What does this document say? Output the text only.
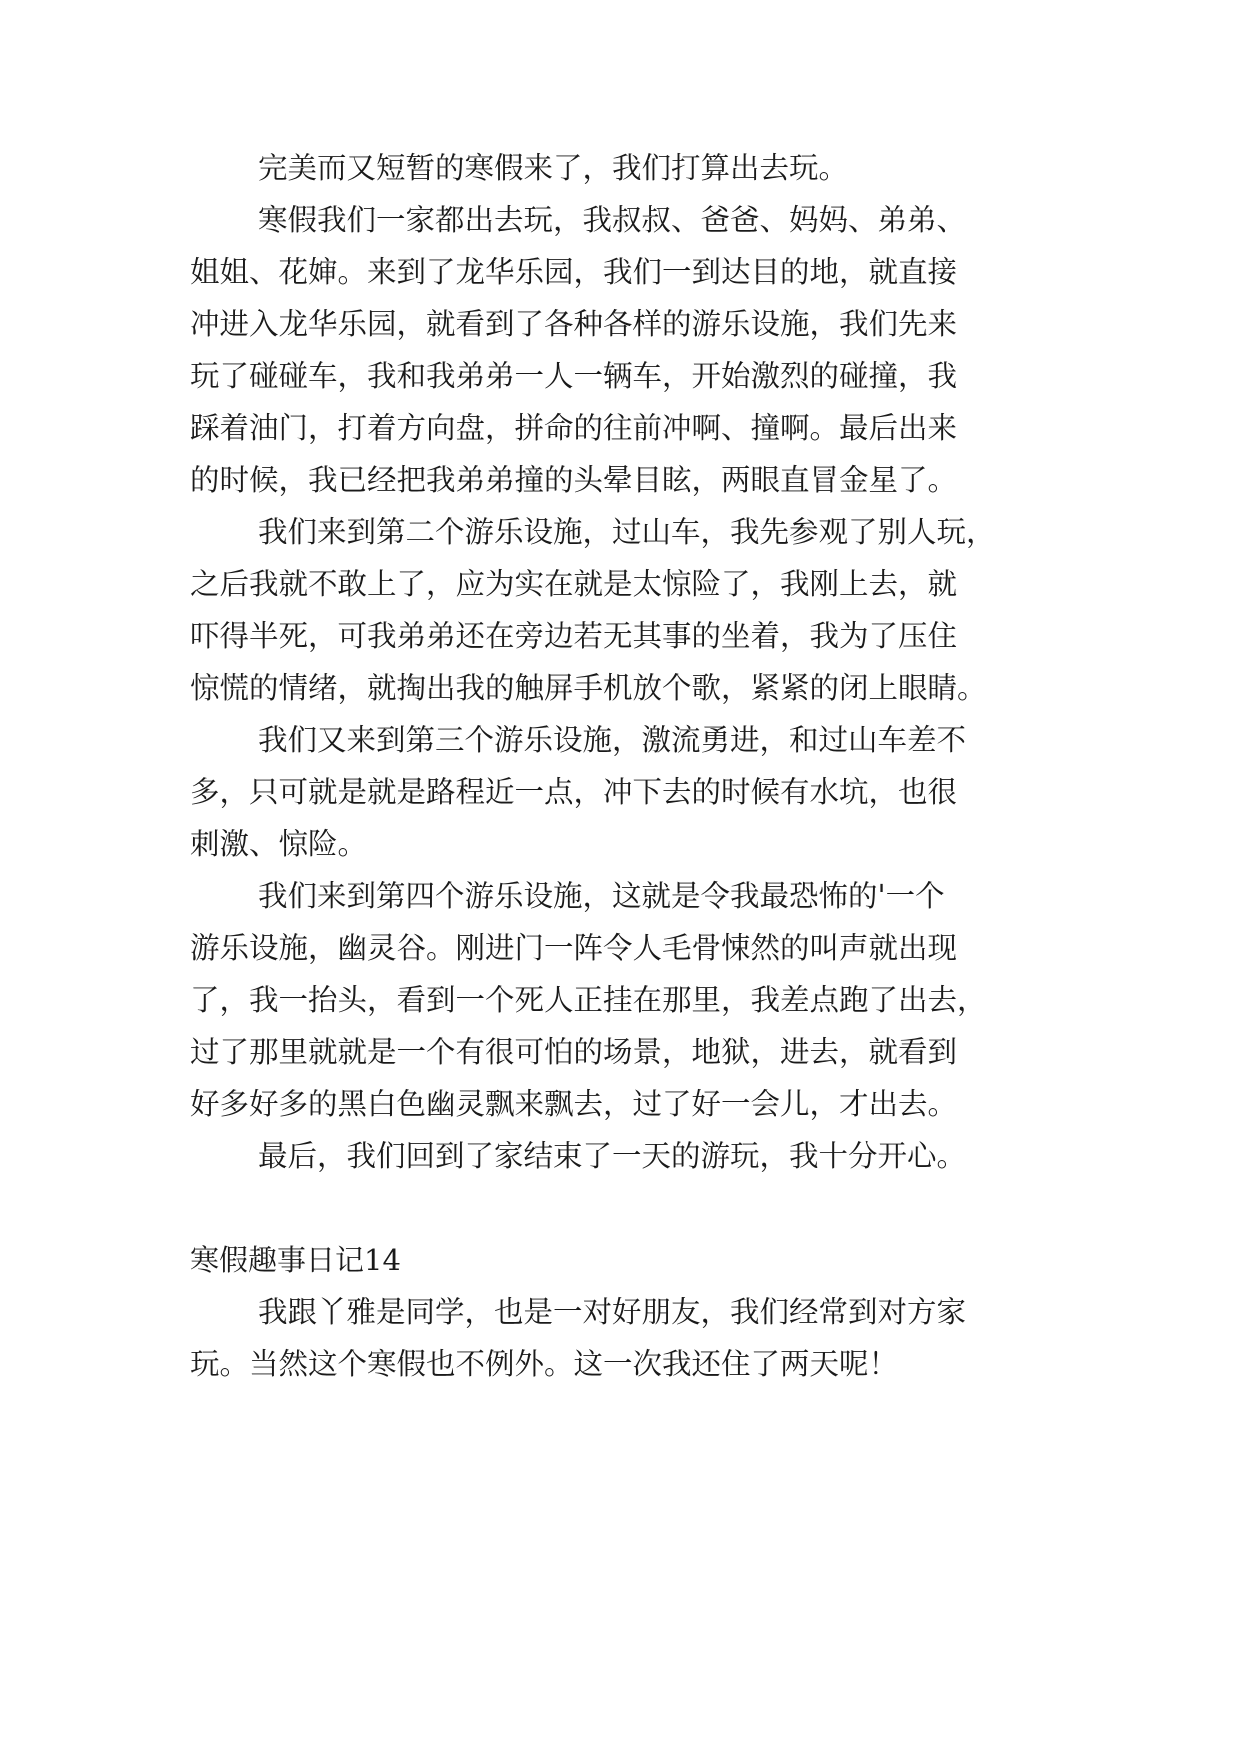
完美而又短暂的寒假来了，我们打算出去玩。

寒假我们一家都出去玩，我叔叔、爸爸、妈妈、弟弟、

姐姐、花婶。来到了龙华乐园，我们一到达目的地，就直接

冲进入龙华乐园，就看到了各种各样的游乐设施，我们先来

玩了碰碰车，我和我弟弟一人一辆车，开始激烈的碰撞，我

踩着油门，打着方向盘，拼命的往前冲啊、撞啊。最后出来

的时候，我已经把我弟弟撞的头晕目眩，两眼直冒金星了。

我们来到第二个游乐设施，过山车，我先参观了别人玩，

之后我就不敢上了，应为实在就是太惊险了，我刚上去，就

吓得半死，可我弟弟还在旁边若无其事的坐着，我为了压住

惊慌的情绪，就掏出我的触屏手机放个歌，紧紧的闭上眼睛。

我们又来到第三个游乐设施，激流勇进，和过山车差不

多，只可就是就是路程近一点，冲下去的时候有水坑，也很

刺激、惊险。

我们来到第四个游乐设施，这就是令我最恐怖的'一个

游乐设施，幽灵谷。刚进门一阵令人毛骨悚然的叫声就出现

了，我一抬头，看到一个死人正挂在那里，我差点跑了出去，

过了那里就就是一个有很可怕的场景，地狱，进去，就看到

好多好多的黑白色幽灵飘来飘去，过了好一会儿，才出去。

最后，我们回到了家结束了一天的游玩，我十分开心。

寒假趣事日记14

我跟丫雅是同学，也是一对好朋友，我们经常到对方家

玩。当然这个寒假也不例外。这一次我还住了两天呢！
